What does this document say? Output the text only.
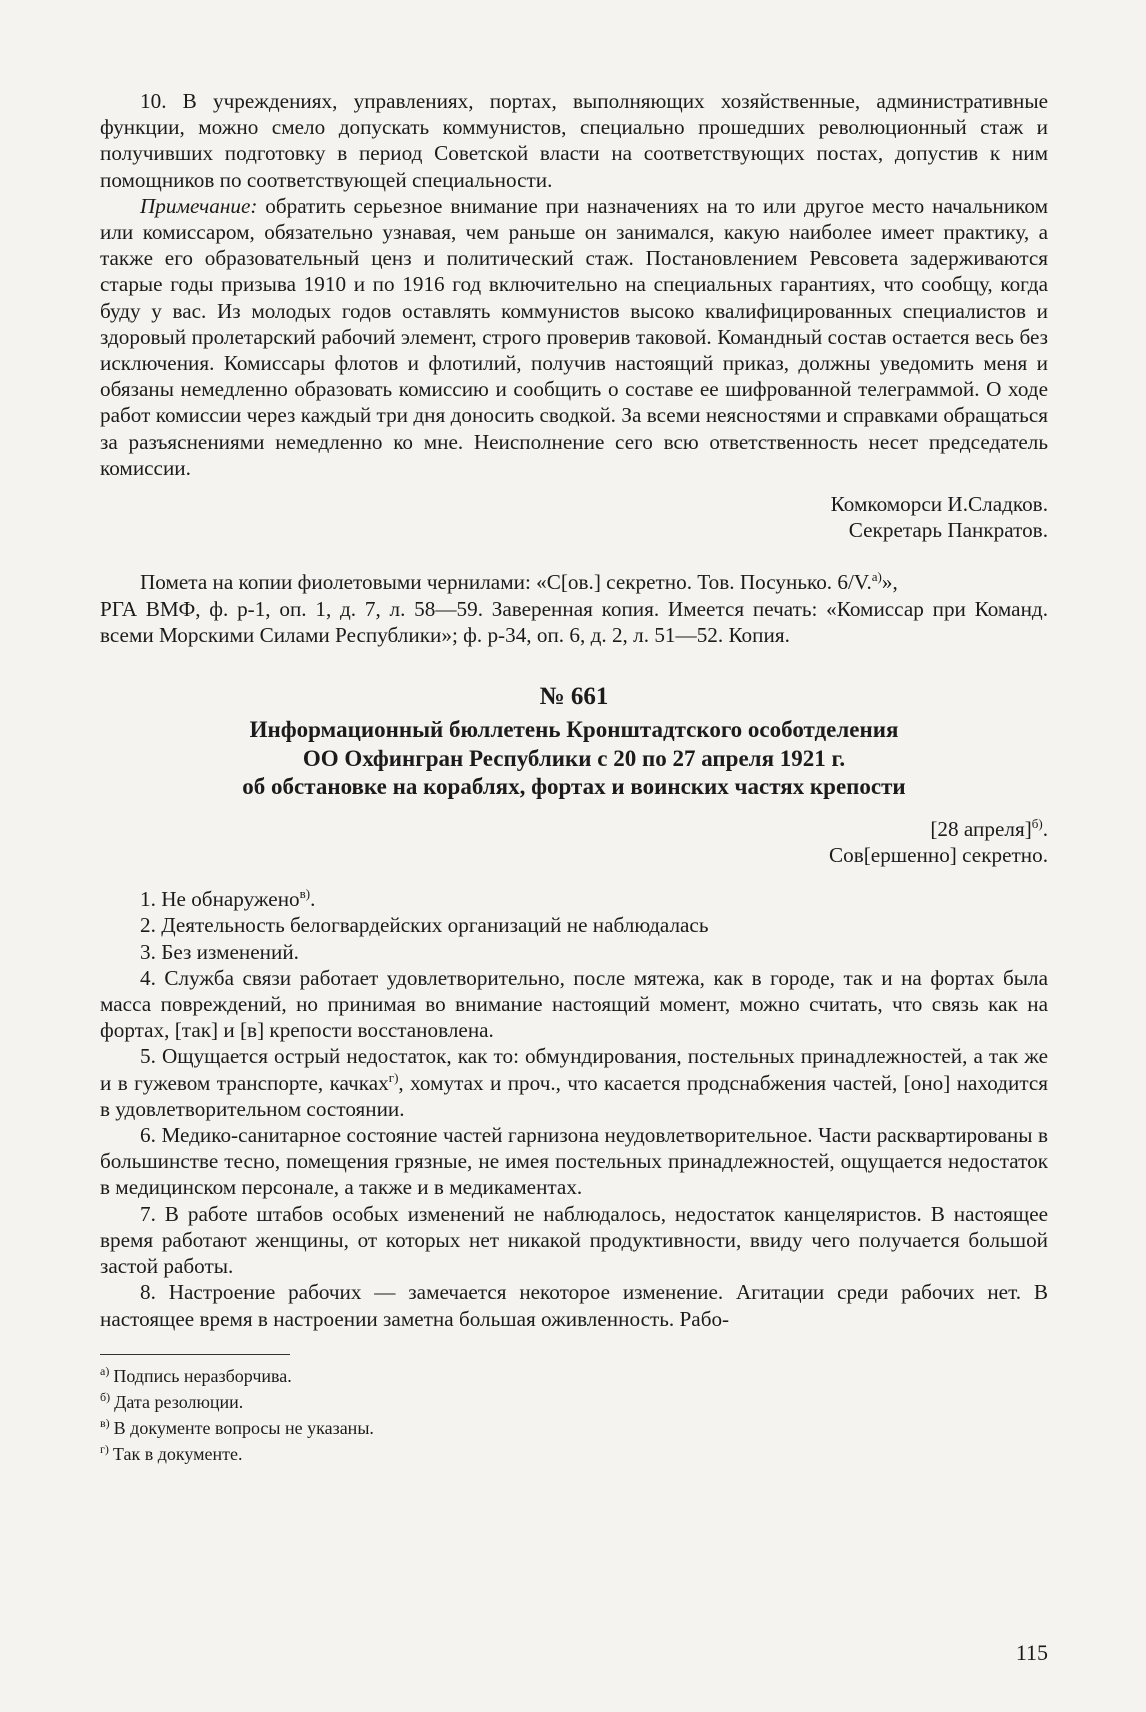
10. В учреждениях, управлениях, портах, выполняющих хозяйственные, административные функции, можно смело допускать коммунистов, специально прошедших революционный стаж и получивших подготовку в период Советской власти на соответствующих постах, допустив к ним помощников по соответствующей специальности.

Примечание: обратить серьезное внимание при назначениях на то или другое место начальником или комиссаром, обязательно узнавая, чем раньше он занимался, какую наиболее имеет практику, а также его образовательный ценз и политический стаж. Постановлением Ревсовета задерживаются старые годы призыва 1910 и по 1916 год включительно на специальных гарантиях, что сообщу, когда буду у вас. Из молодых годов оставлять коммунистов высоко квалифицированных специалистов и здоровый пролетарский рабочий элемент, строго проверив таковой. Командный состав остается весь без исключения. Комиссары флотов и флотилий, получив настоящий приказ, должны уведомить меня и обязаны немедленно образовать комиссию и сообщить о составе ее шифрованной телеграммой. О ходе работ комиссии через каждый три дня доносить сводкой. За всеми неясностями и справками обращаться за разъяснениями немедленно ко мне. Неисполнение сего всю ответственность несет председатель комиссии.

Комкоморси И.Сладков.

Секретарь Панкратов.

Помета на копии фиолетовыми чернилами: «С[ов.] секретно. Тов. Посунько. 6/V.$^{а)}$»,

РГА ВМФ, ф. р-1, оп. 1, д. 7, л. 58—59. Заверенная копия. Имеется печать: «Комиссар при Команд. всеми Морскими Силами Республики»; ф. р-34, оп. 6, д. 2, л. 51—52. Копия.

№ 661
Информационный бюллетень Кронштадтского особотделения
ОО Охфингран Республики с 20 по 27 апреля 1921 г.
об обстановке на кораблях, фортах и воинских частях крепости

[28 апреля]$^{б)}$.

Сов[ершенно] секретно.

1. Не обнаружено$^{в)}$.

2. Деятельность белогвардейских организаций не наблюдалась

3. Без изменений.

4. Служба связи работает удовлетворительно, после мятежа, как в городе, так и на фортах была масса повреждений, но принимая во внимание настоящий момент, можно считать, что связь как на фортах, [так] и [в] крепости восстановлена.

5. Ощущается острый недостаток, как то: обмундирования, постельных принадлежностей, а так же и в гужевом транспорте, качках$^{г)}$, хомутах и проч., что касается продснабжения частей, [оно] находится в удовлетворительном состоянии.

6. Медико-санитарное состояние частей гарнизона неудовлетворительное. Части расквартированы в большинстве тесно, помещения грязные, не имея постельных принадлежностей, ощущается недостаток в медицинском персонале, а также и в медикаментах.

7. В работе штабов особых изменений не наблюдалось, недостаток канцеляристов. В настоящее время работают женщины, от которых нет никакой продуктивности, ввиду чего получается большой застой работы.

8. Настроение рабочих — замечается некоторое изменение. Агитации среди рабочих нет. В настоящее время в настроении заметна большая оживленность. Рабо-

$^{а)}$ Подпись неразборчива.

$^{б)}$ Дата резолюции.

$^{в)}$ В документе вопросы не указаны.

$^{г)}$ Так в документе.

115
